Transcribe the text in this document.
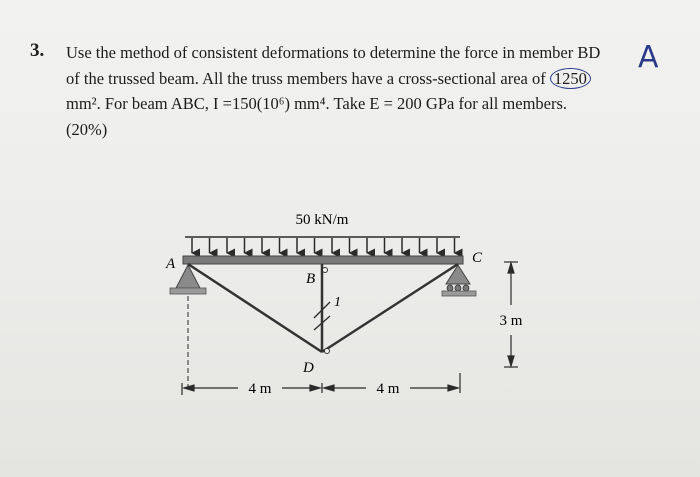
3. Use the method of consistent deformations to determine the force in member BD

of the trussed beam. All the truss members have a cross-sectional area of 1250

mm². For beam ABC, I =150(10⁶) mm⁴. Take E = 200 GPa for all members.

(20%)

A
50 kN/m
A	C
B
D
1
4 m	4 m
3 m
